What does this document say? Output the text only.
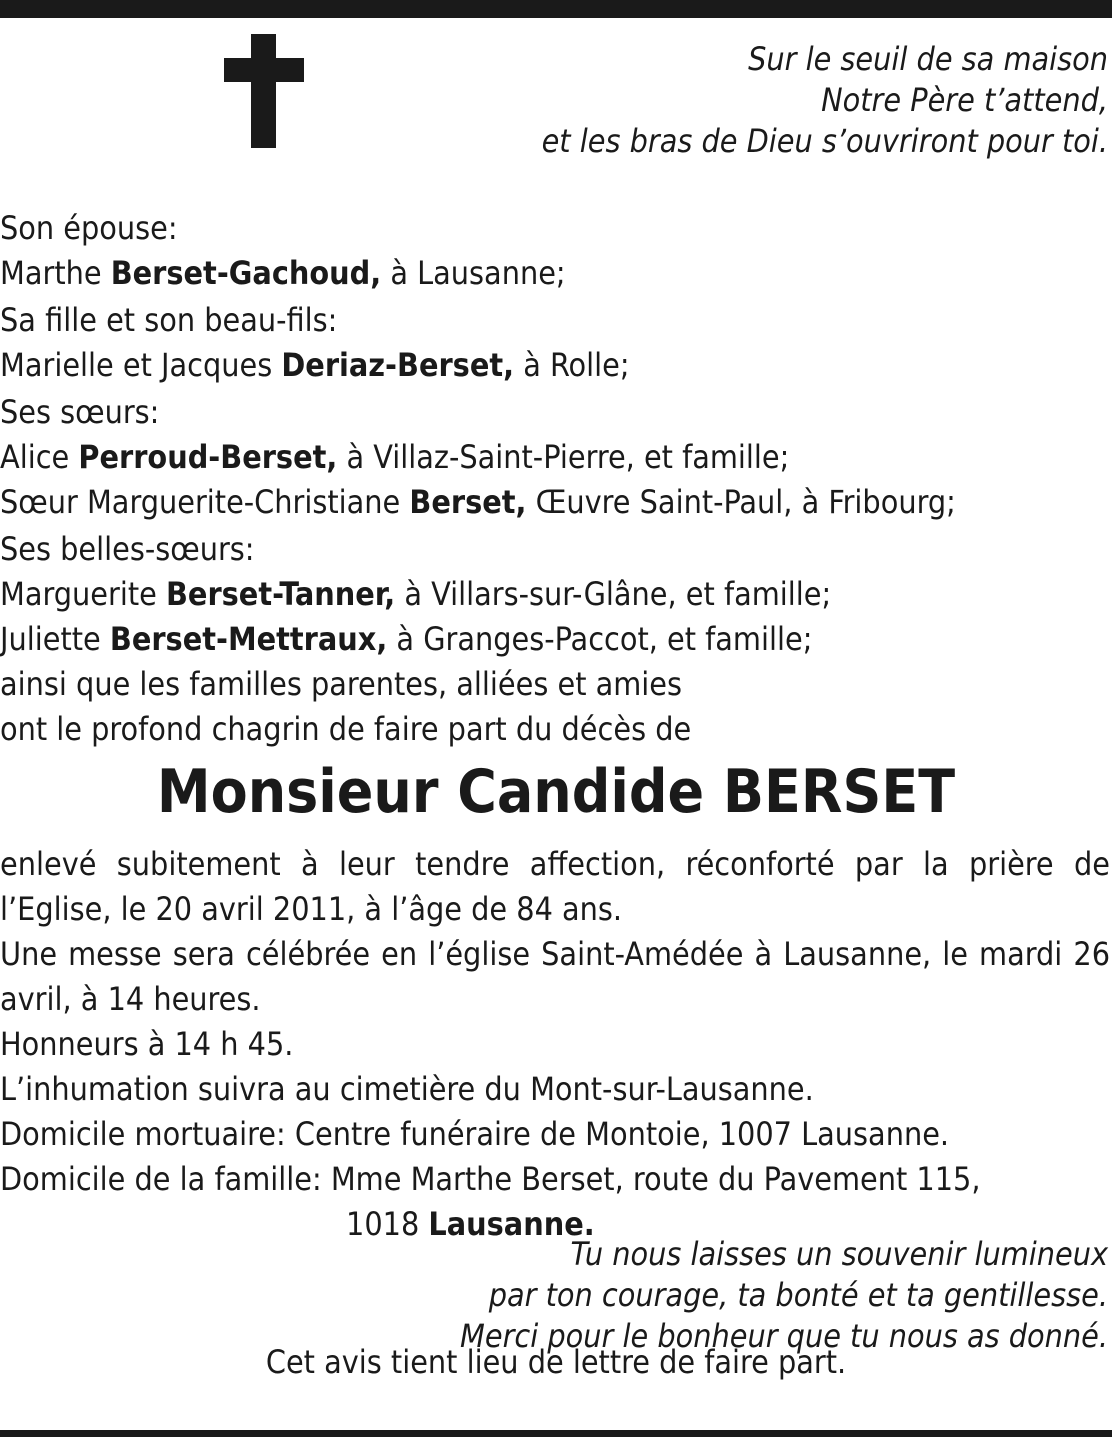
Sur le seuil de sa maison
Notre Père t’attend,
et les bras de Dieu s’ouvriront pour toi.
Son épouse:
Marthe Berset-Gachoud, à Lausanne;
Sa fille et son beau-fils:
Marielle et Jacques Deriaz-Berset, à Rolle;
Ses sœurs:
Alice Perroud-Berset, à Villaz-Saint-Pierre, et famille;
Sœur Marguerite-Christiane Berset, Œuvre Saint-Paul, à Fribourg;
Ses belles-sœurs:
Marguerite Berset-Tanner, à Villars-sur-Glâne, et famille;
Juliette Berset-Mettraux, à Granges-Paccot, et famille;
ainsi que les familles parentes, alliées et amies
ont le profond chagrin de faire part du décès de
Monsieur Candide BERSET
enlevé subitement à leur tendre affection, réconforté par la prière de l’Eglise, le 20 avril 2011, à l’âge de 84 ans.
Une messe sera célébrée en l’église Saint-Amédée à Lausanne, le mardi 26 avril, à 14 heures.
Honneurs à 14 h 45.
L’inhumation suivra au cimetière du Mont-sur-Lausanne.
Domicile mortuaire: Centre funéraire de Montoie, 1007 Lausanne.
Domicile de la famille: Mme Marthe Berset, route du Pavement 115,
1018 Lausanne.
Tu nous laisses un souvenir lumineux
par ton courage, ta bonté et ta gentillesse.
Merci pour le bonheur que tu nous as donné.
Cet avis tient lieu de lettre de faire part.
